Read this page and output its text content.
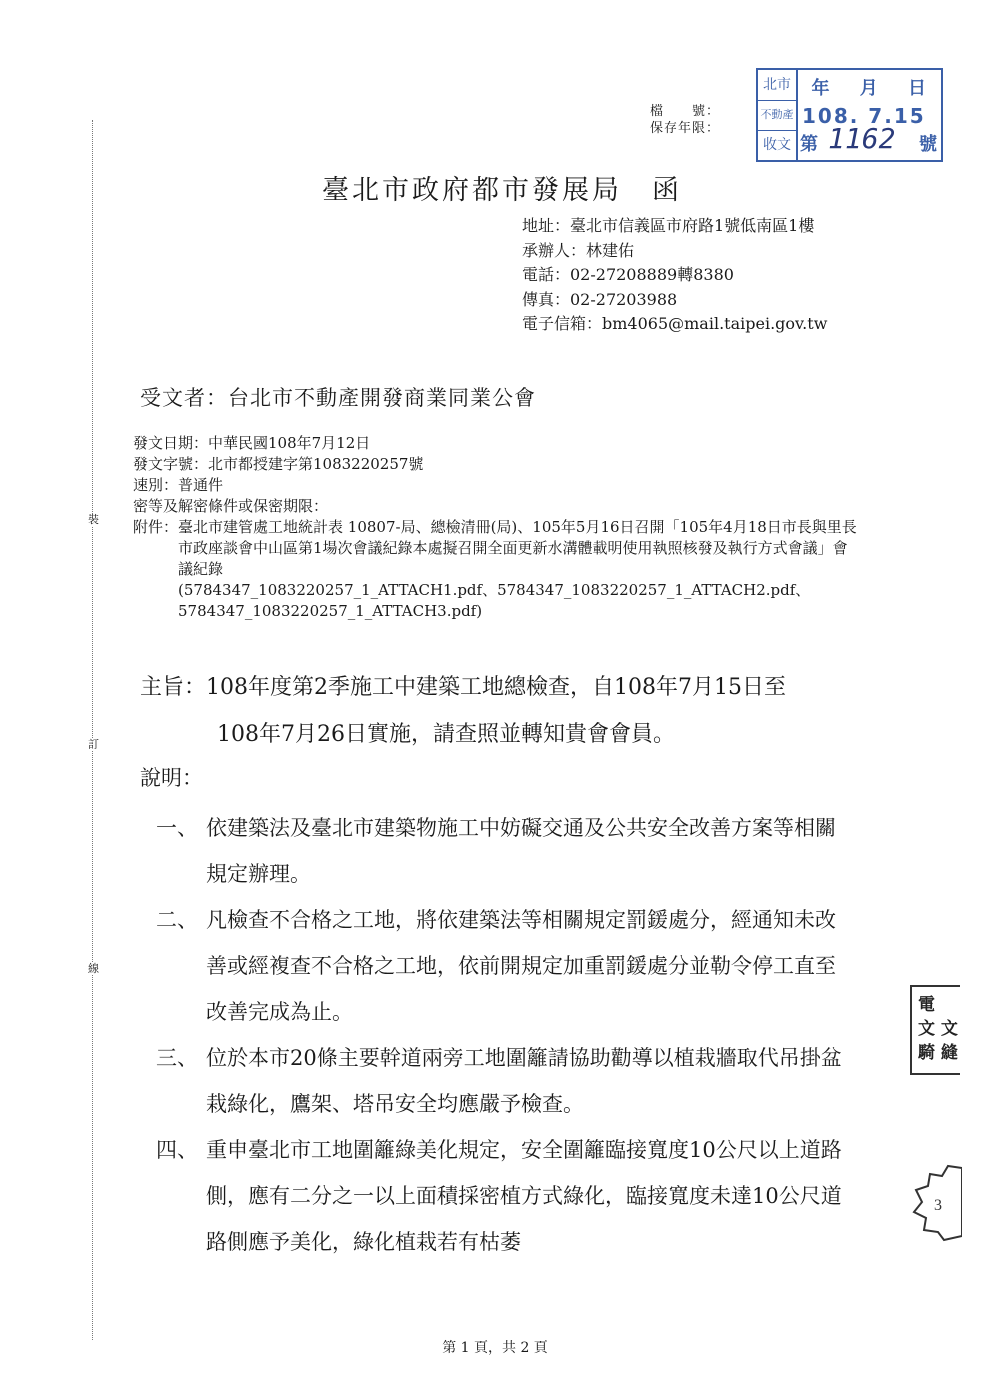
裝
訂
線
檔　　號：
保存年限：
北市
不動產
收文
年 月 日
108. 7.15
第 1162 號
臺北市政府都市發展局　函
地址：臺北市信義區市府路1號低南區1樓
承辦人：林建佑
電話：02-27208889轉8380
傳真：02-27203988
電子信箱：bm4065@mail.taipei.gov.tw
受文者：台北市不動產開發商業同業公會
發文日期：中華民國108年7月12日
發文字號：北市都授建字第1083220257號
速別：普通件
密等及解密條件或保密期限：
附件： 臺北市建管處工地統計表 10807-局、總檢清冊(局)、105年5月16日召開「105年4月18日市長與里長市政座談會中山區第1場次會議紀錄本處擬召開全面更新水溝體載明使用執照核發及執行方式會議」會議紀錄
(5784347_1083220257_1_ATTACH1.pdf、5784347_1083220257_1_ATTACH2.pdf、
5784347_1083220257_1_ATTACH3.pdf)
主旨：108年度第2季施工中建築工地總檢查，自108年7月15日至
108年7月26日實施，請查照並轉知貴會會員。
說明：
一、 依建築法及臺北市建築物施工中妨礙交通及公共安全改善方案等相關規定辦理。
二、 凡檢查不合格之工地，將依建築法等相關規定罰鍰處分，經通知未改善或經複查不合格之工地，依前開規定加重罰鍰處分並勒令停工直至改善完成為止。
三、 位於本市20條主要幹道兩旁工地圍籬請協助勸導以植栽牆取代吊掛盆栽綠化，鷹架、塔吊安全均應嚴予檢查。
四、 重申臺北市工地圍籬綠美化規定，安全圍籬臨接寬度10公尺以上道路側，應有二分之一以上面積採密植方式綠化，臨接寬度未達10公尺道路側應予美化，綠化植栽若有枯萎
電
文 文
騎 縫
3
第 1 頁，共 2 頁
